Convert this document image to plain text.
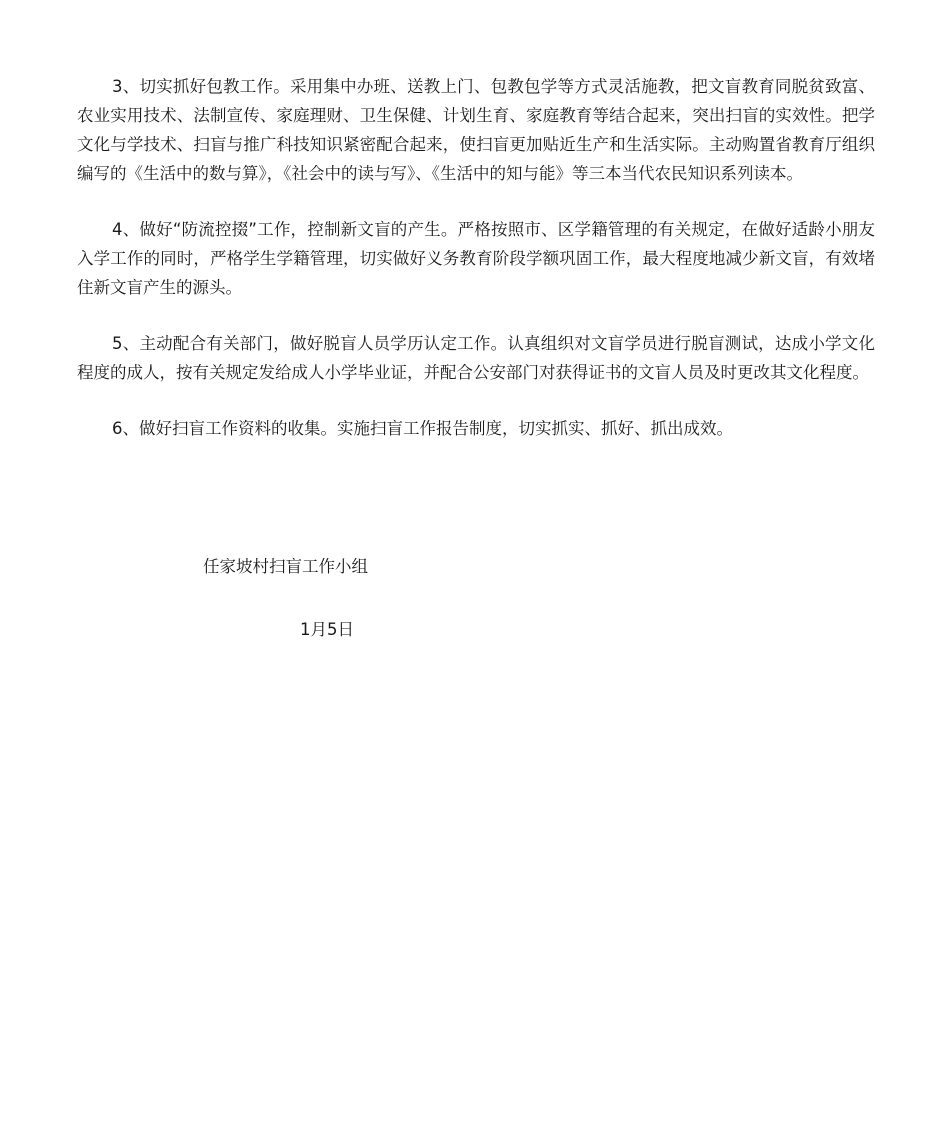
3、切实抓好包教工作。采用集中办班、送教上门、包教包学等方式灵活施教，把文盲教育同脱贫致富、农业实用技术、法制宣传、家庭理财、卫生保健、计划生育、家庭教育等结合起来，突出扫盲的实效性。把学文化与学技术、扫盲与推广科技知识紧密配合起来，使扫盲更加贴近生产和生活实际。主动购置省教育厅组织编写的《生活中的数与算》，《社会中的读与写》、《生活中的知与能》等三本当代农民知识系列读本。

4、做好“防流控掇”工作，控制新文盲的产生。严格按照市、区学籍管理的有关规定，在做好适龄小朋友入学工作的同时，严格学生学籍管理，切实做好义务教育阶段学额巩固工作，最大程度地减少新文盲，有效堵住新文盲产生的源头。

5、主动配合有关部门，做好脱盲人员学历认定工作。认真组织对文盲学员进行脱盲测试，达成小学文化程度的成人，按有关规定发给成人小学毕业证，并配合公安部门对获得证书的文盲人员及时更改其文化程度。

6、做好扫盲工作资料的收集。实施扫盲工作报告制度，切实抓实、抓好、抓出成效。

任家坡村扫盲工作小组

1月5日
